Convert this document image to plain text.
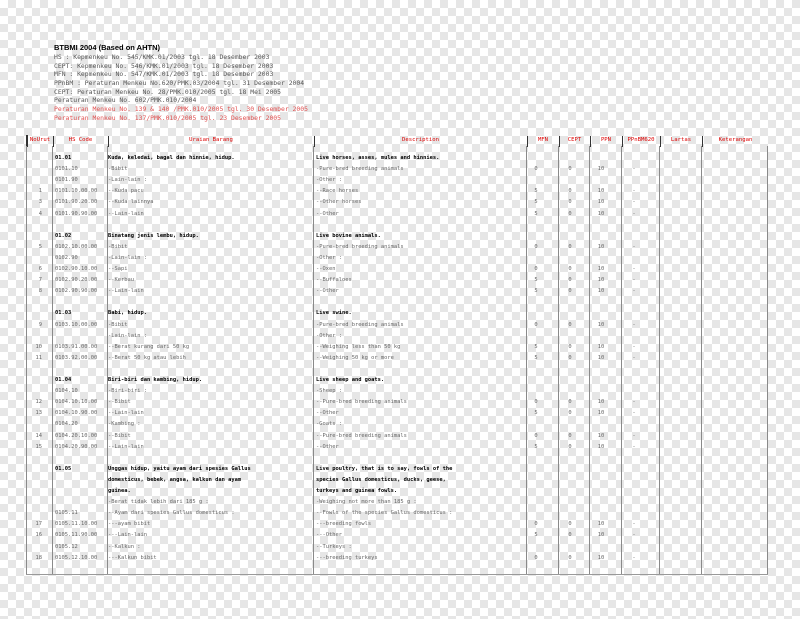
BTBMI 2004 (Based on AHTN)
HS : Kepmenkeu No. 545/KMK.01/2003 tgl. 18 Desember 2003
CEPT: Kepmenkeu No. 546/KMK.01/2003 tgl. 18 Desember 2003
MFN : Kepmenkeu No. 547/KMK.01/2003 tgl. 18 Desember 2003
PPnBM : Peraturan Menkeu No.620/PMK.03/2004 tgl. 31 Desember 2004
CEPT: Peraturan Menkeu No. 28/PMK.010/2005 tgl. 18 Mei 2005
Peraturan Menkeu No. 602/PMK.010/2004
Peraturan Menkeu No. 139 & 140 /PMK.010/2005 tgl. 30 Desember 2005
Peraturan Menkeu No. 137/PMK.010/2005 tgl. 23 Desember 2005
NoUrut	HS Code	Uraian Barang	Description	MFN	CEPT	PPN	PPnBM620	Lartas	Keterangan
01.01	Kuda, keledai, bagal dan hinnie, hidup.	Live horses, asses, mules and hinnies.
0101.10	-Bibit	-Pure-bred breeding animals	0	0	10	-
0101.90	-Lain-lain :	-Other :
1 0101.10.00.00	--Kuda pacu	--Race horses	5	0	10	-
3 0101.90.20.00	--Kuda lainnya	--Other horses	5	0	10	-
4 0101.90.90.00	--Lain-lain	--Other	5	0	10	-
01.02	Binatang jenis lembu, hidup.	Live bovine animals.
5 0102.10.00.00	-Bibit	-Pure-bred breeding animals	0	0	10	-
0102.90	-Lain-lain :	-Other :
6 0102.90.10.00	--Sapi	--Oxen	0	0	10	-
7 0102.90.20.00	--Kerbau	--Buffaloes	5	0	10	-
8 0102.90.90.00	--Lain-lain	--Other	5	0	10	-
01.03	Babi, hidup.	Live swine.
9 0103.10.00.00	-Bibit	-Pure-bred breeding animals	0	0	10	-
-Lain-lain :	-Other :
10 0103.91.00.00	--Berat kurang dari 50 kg	--Weighing less than 50 kg	5	0	10	-
11 0103.92.00.00	--Berat 50 kg atau lebih	--Weighing 50 kg or more	5	0	10	-
01.04	Biri-biri dan kambing, hidup.	Live sheep and goats.
0104.10	-Biri-biri :	-Sheep :
12 0104.10.10.00	--Bibit	--Pure-bred breeding animals	0	0	10	-
13 0104.10.90.00	--Lain-lain	--Other	5	0	10	-
0104.20	-Kambing :	-Goats :
14 0104.20.10.00	--Bibit	--Pure-bred breeding animals	0	0	10	-
15 0104.20.90.00	--Lain-lain	--Other	5	0	10	-
01.05	Unggas hidup, yaitu ayam dari spesies Gallus	Live poultry, that is to say, fowls of the
domesticus, bebek, angsa, kalkun dan ayam	species Gallus domesticus, ducks, geese,
guinea.	turkeys and guinea fowls.
-Berat tidak lebih dari 185 g :	-Weighing not more than 185 g :
0105.11	--Ayam dari spesies Gallus domesticus :	--Fowls of the species Gallus domesticus :
17 0105.11.10.00	---ayam bibit	---breeding fowls	0	0	10	-
16 0105.11.90.00	---Lain-lain	---Other	5	0	10	-
0105.12	--Kalkun :	--Turkeys :
18 0105.12.10.00	---Kalkun bibit	---breeding turkeys	0	0	10	-
